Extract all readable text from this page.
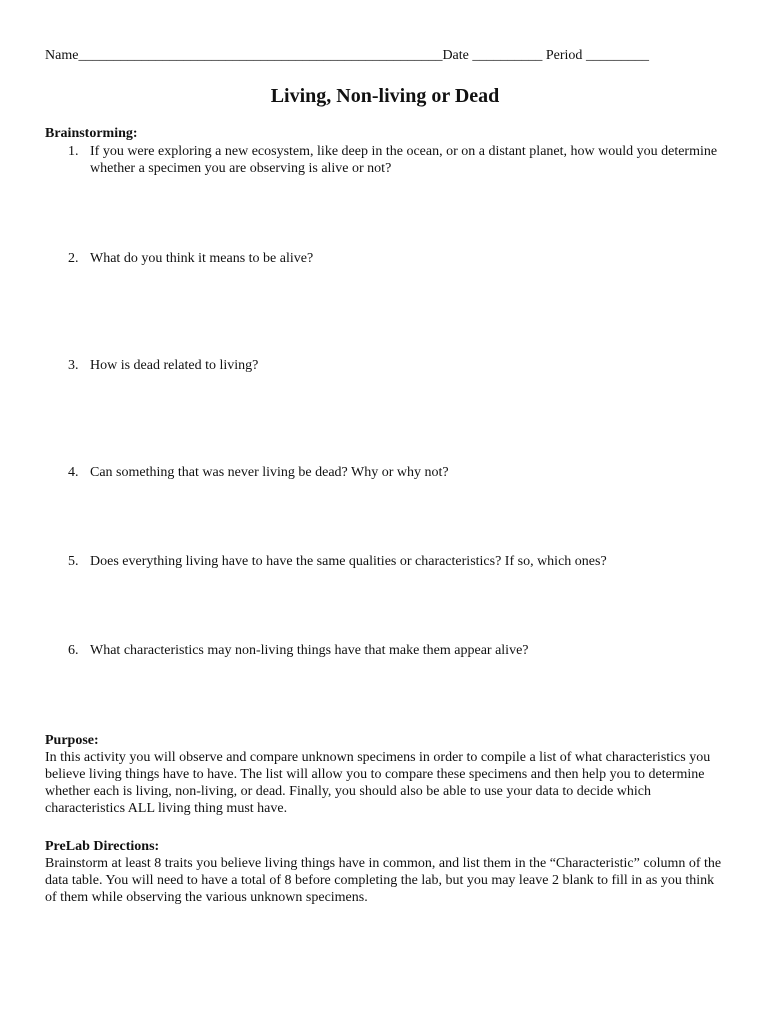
Name____________________________________________________Date __________ Period _________
Living, Non-living or Dead
Brainstorming:
1. If you were exploring a new ecosystem, like deep in the ocean, or on a distant planet, how would you determine whether a specimen you are observing is alive or not?
2. What do you think it means to be alive?
3. How is dead related to living?
4. Can something that was never living be dead? Why or why not?
5. Does everything living have to have the same qualities or characteristics? If so, which ones?
6. What characteristics may non-living things have that make them appear alive?
Purpose:

In this activity you will observe and compare unknown specimens in order to compile a list of what characteristics you believe living things have to have. The list will allow you to compare these specimens and then help you to determine whether each is living, non-living, or dead. Finally, you should also be able to use your data to decide which characteristics ALL living thing must have.

PreLab Directions:

Brainstorm at least 8 traits you believe living things have in common, and list them in the “Characteristic” column of the data table. You will need to have a total of 8 before completing the lab, but you may leave 2 blank to fill in as you think of them while observing the various unknown specimens.
